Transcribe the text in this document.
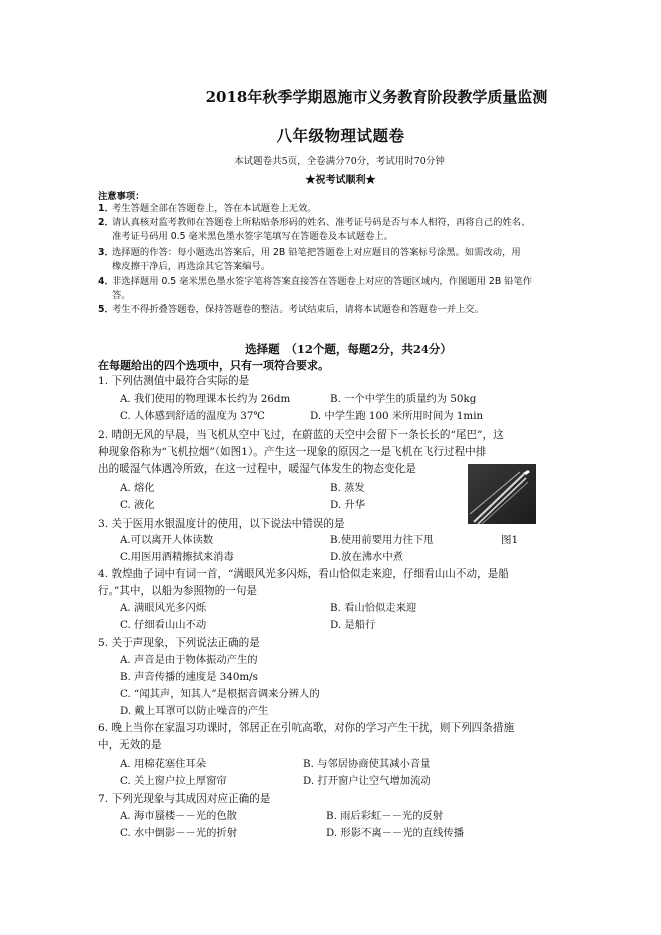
2018年秋季学期恩施市义务教育阶段教学质量监测
八年级物理试题卷
本试题卷共5页，全卷满分70分，考试用时70分钟
★祝考试顺利★
注意事项：
1．考生答题全部在答题卷上，答在本试题卷上无效。
2．请认真核对监考教师在答题卷上所粘贴条形码的姓名、准考证号码是否与本人相符，再将自己的姓名、
准考证号码用 0.5 毫米黑色墨水签字笔填写在答题卷及本试题卷上。
3．选择题的作答：每小题选出答案后，用 2B 铅笔把答题卷上对应题目的答案标号涂黑。如需改动，用
橡皮擦干净后，再选涂其它答案编号。
4．非选择题用 0.5 毫米黑色墨水签字笔将答案直接答在答题卷上对应的答题区域内，作图题用 2B 铅笔作
答。
5．考生不得折叠答题卷，保持答题卷的整洁。考试结束后，请将本试题卷和答题卷一并上交。
选择题　（12个题，每题2分，共24分）
在每题给出的四个选项中，只有一项符合要求。
1. 下列估测值中最符合实际的是
A. 我们使用的物理课本长约为 26dm	B. 一个中学生的质量约为 50kg
C. 人体感到舒适的温度为 37℃	D. 中学生跑 100 米所用时间为 1min
2. 晴朗无风的早晨，当飞机从空中飞过，在蔚蓝的天空中会留下一条长长的“尾巴”，这
种现象俗称为“飞机拉烟”（如图1）。产生这一现象的原因之一是飞机在飞行过程中排
出的暖湿气体遇冷所致，在这一过程中，暖湿气体发生的物态变化是
A. 熔化	B. 蒸发
C. 液化	D. 升华
3. 关于医用水银温度计的使用，以下说法中错误的是
A.可以离开人体读数	B.使用前要用力往下甩	图1
C.用医用酒精擦拭来消毒	D.放在沸水中煮
4. 敦煌曲子词中有词一首，“满眼风光多闪烁，看山恰似走来迎，仔细看山山不动，是船
行。”其中，以船为参照物的一句是
A. 满眼风光多闪烁	B. 看山恰似走来迎
C. 仔细看山山不动	D. 是船行
5. 关于声现象，下列说法正确的是
A. 声音是由于物体振动产生的
B. 声音传播的速度是 340m/s
C. “闻其声，知其人”是根据音调来分辨人的
D. 戴上耳罩可以防止噪音的产生
6. 晚上当你在家温习功课时，邻居正在引吭高歌，对你的学习产生干扰，则下列四条措施
中，无效的是
A. 用棉花塞住耳朵	B. 与邻居协商使其减小音量
C. 关上窗户拉上厚窗帘	D. 打开窗户让空气增加流动
7. 下列光现象与其成因对应正确的是
A. 海市蜃楼－－光的色散	B. 雨后彩虹－－光的反射
C. 水中倒影－－光的折射	D. 形影不离－－光的直线传播
